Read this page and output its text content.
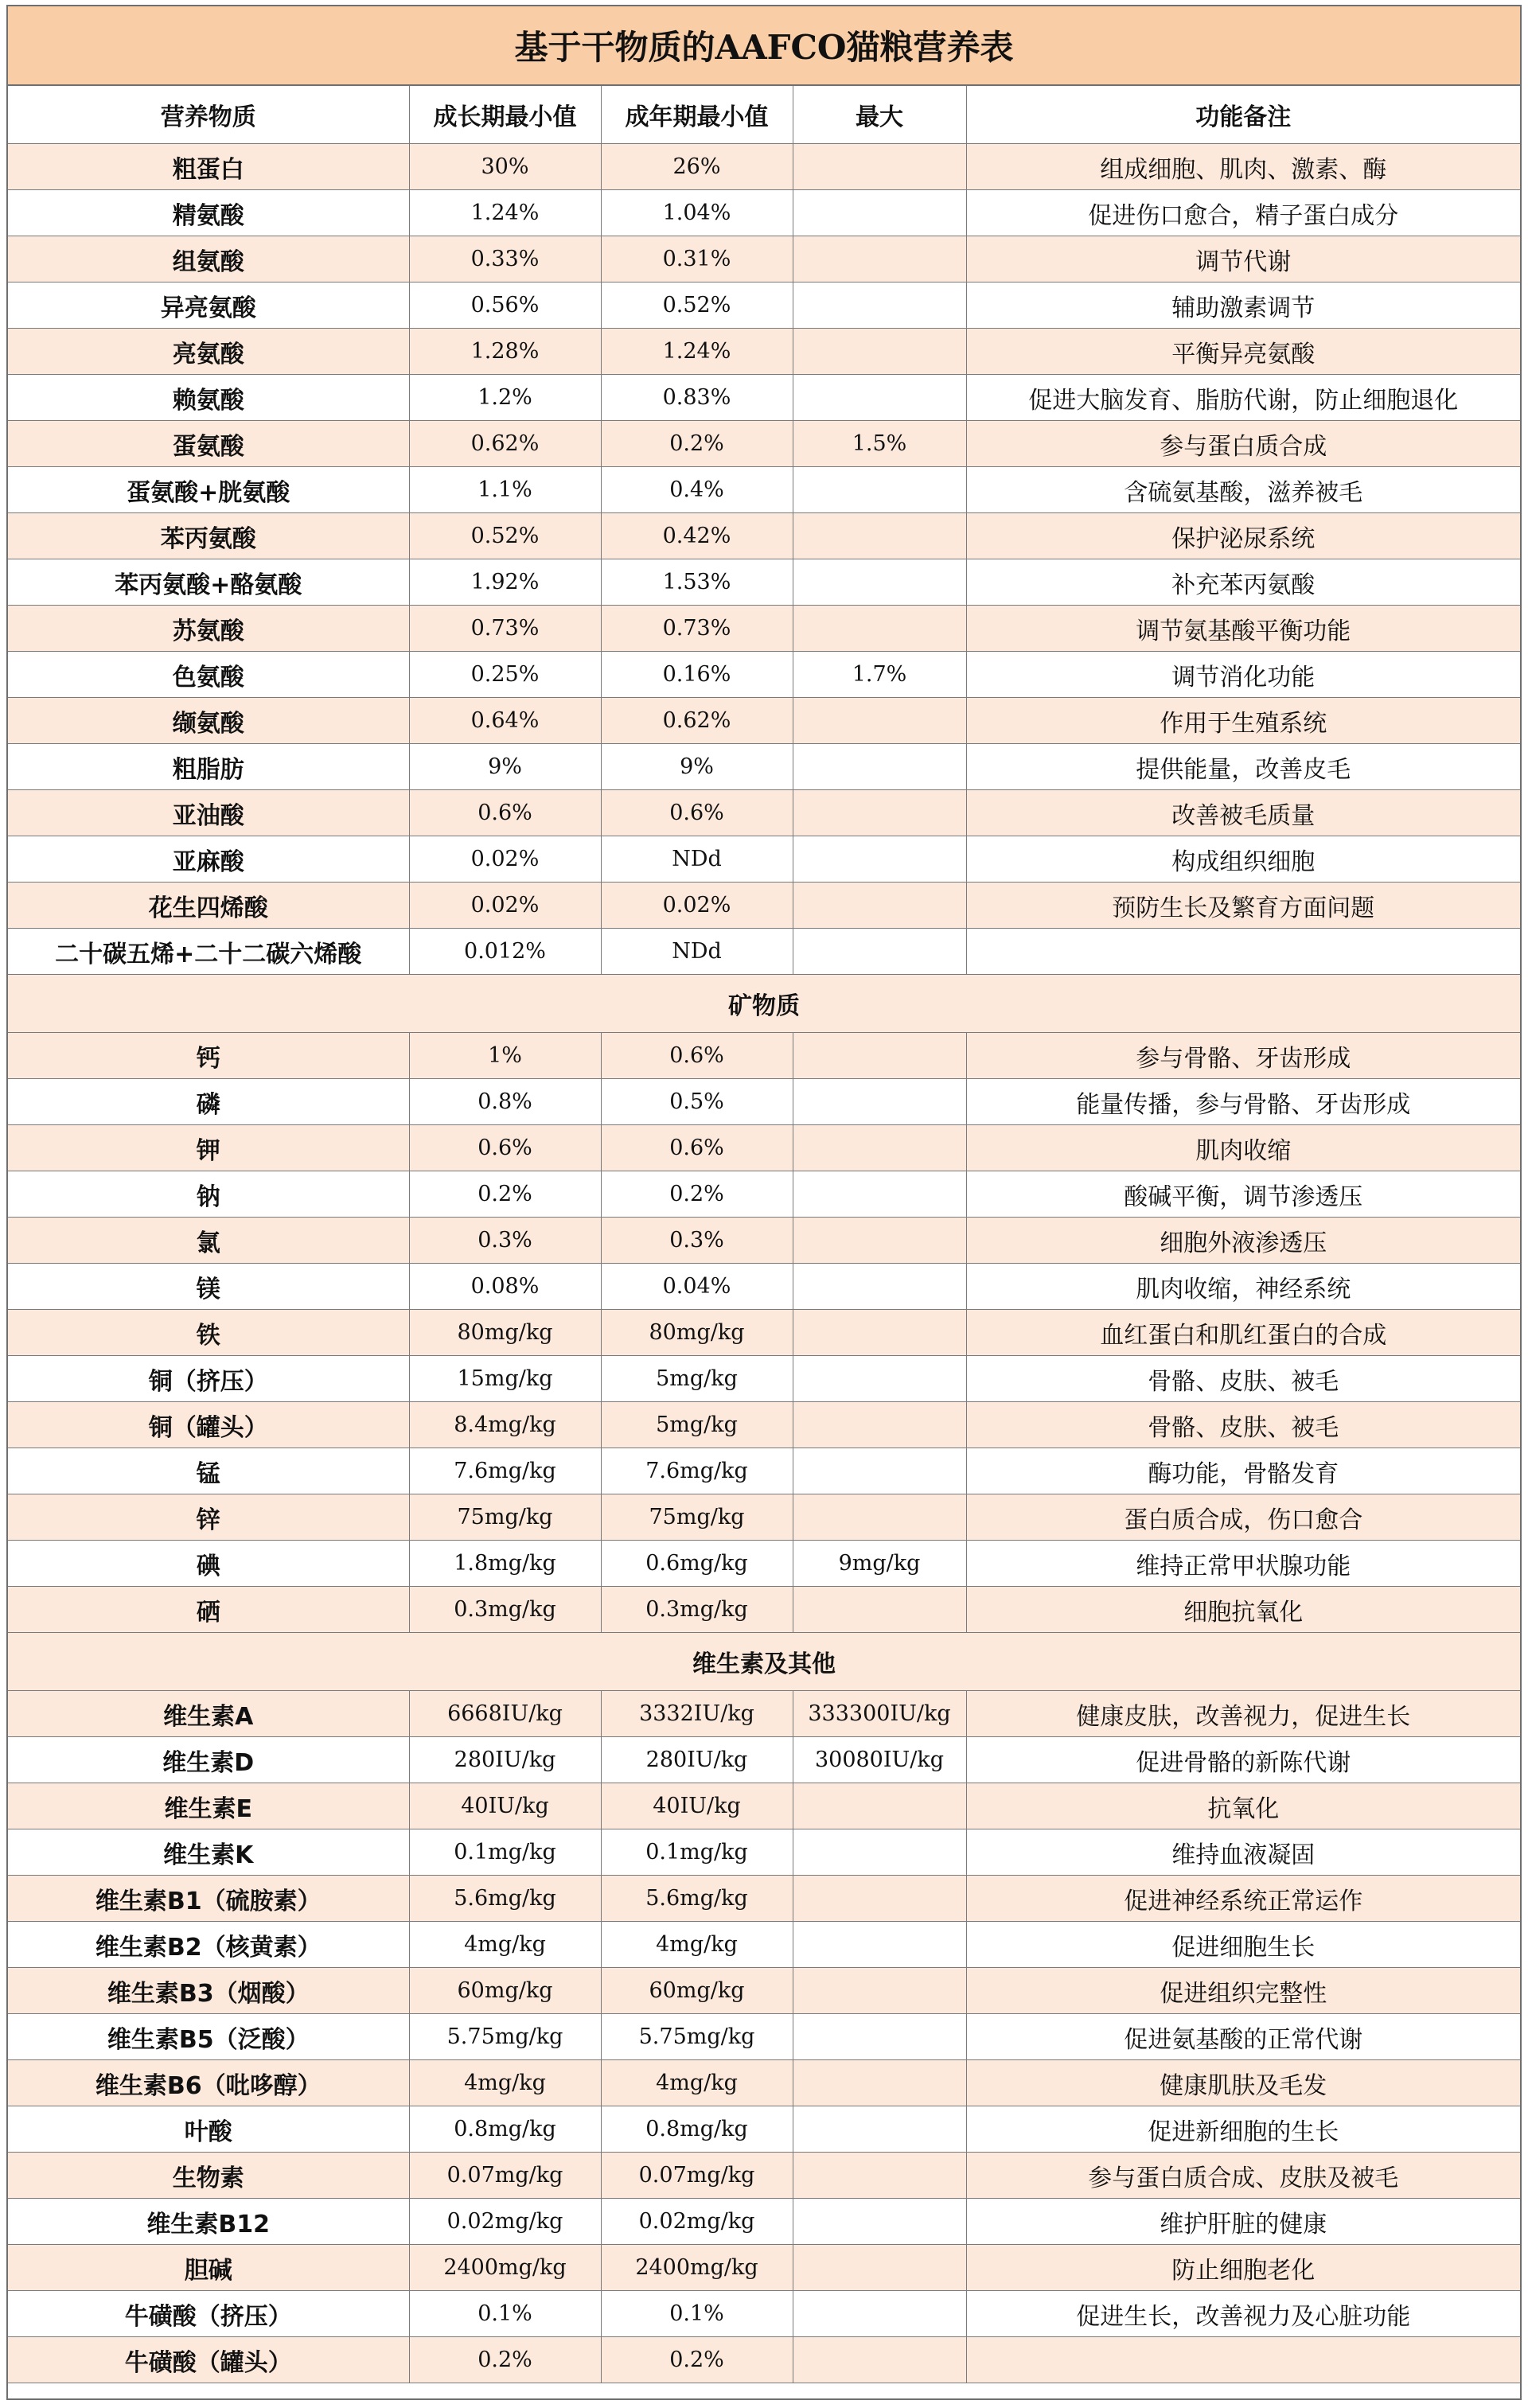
基于干物质的AAFCO猫粮营养表
营养物质	成长期最小值	成年期最小值	最大	功能备注
粗蛋白	30%	26%		组成细胞、肌肉、激素、酶
精氨酸	1.24%	1.04%		促进伤口愈合，精子蛋白成分
组氨酸	0.33%	0.31%		调节代谢
异亮氨酸	0.56%	0.52%		辅助激素调节
亮氨酸	1.28%	1.24%		平衡异亮氨酸
赖氨酸	1.2%	0.83%		促进大脑发育、脂肪代谢，防止细胞退化
蛋氨酸	0.62%	0.2%	1.5%	参与蛋白质合成
蛋氨酸+胱氨酸	1.1%	0.4%		含硫氨基酸，滋养被毛
苯丙氨酸	0.52%	0.42%		保护泌尿系统
苯丙氨酸+酪氨酸	1.92%	1.53%		补充苯丙氨酸
苏氨酸	0.73%	0.73%		调节氨基酸平衡功能
色氨酸	0.25%	0.16%	1.7%	调节消化功能
缬氨酸	0.64%	0.62%		作用于生殖系统
粗脂肪	9%	9%		提供能量，改善皮毛
亚油酸	0.6%	0.6%		改善被毛质量
亚麻酸	0.02%	NDd		构成组织细胞
花生四烯酸	0.02%	0.02%		预防生长及繁育方面问题
二十碳五烯+二十二碳六烯酸	0.012%	NDd		
矿物质				
钙	1%	0.6%		参与骨骼、牙齿形成
磷	0.8%	0.5%		能量传播，参与骨骼、牙齿形成
钾	0.6%	0.6%		肌肉收缩
钠	0.2%	0.2%		酸碱平衡，调节渗透压
氯	0.3%	0.3%		细胞外液渗透压
镁	0.08%	0.04%		肌肉收缩，神经系统
铁	80mg/kg	80mg/kg		血红蛋白和肌红蛋白的合成
铜（挤压）	15mg/kg	5mg/kg		骨骼、皮肤、被毛
铜（罐头）	8.4mg/kg	5mg/kg		骨骼、皮肤、被毛
锰	7.6mg/kg	7.6mg/kg		酶功能，骨骼发育
锌	75mg/kg	75mg/kg		蛋白质合成，伤口愈合
碘	1.8mg/kg	0.6mg/kg	9mg/kg	维持正常甲状腺功能
硒	0.3mg/kg	0.3mg/kg		细胞抗氧化
维生素及其他				
维生素A	6668IU/kg	3332IU/kg	333300IU/kg	健康皮肤，改善视力，促进生长
维生素D	280IU/kg	280IU/kg	30080IU/kg	促进骨骼的新陈代谢
维生素E	40IU/kg	40IU/kg		抗氧化
维生素K	0.1mg/kg	0.1mg/kg		维持血液凝固
维生素B1（硫胺素）	5.6mg/kg	5.6mg/kg		促进神经系统正常运作
维生素B2（核黄素）	4mg/kg	4mg/kg		促进细胞生长
维生素B3（烟酸）	60mg/kg	60mg/kg		促进组织完整性
维生素B5（泛酸）	5.75mg/kg	5.75mg/kg		促进氨基酸的正常代谢
维生素B6（吡哆醇）	4mg/kg	4mg/kg		健康肌肤及毛发
叶酸	0.8mg/kg	0.8mg/kg		促进新细胞的生长
生物素	0.07mg/kg	0.07mg/kg		参与蛋白质合成、皮肤及被毛
维生素B12	0.02mg/kg	0.02mg/kg		维护肝脏的健康
胆碱	2400mg/kg	2400mg/kg		防止细胞老化
牛磺酸（挤压）	0.1%	0.1%		促进生长，改善视力及心脏功能
牛磺酸（罐头）	0.2%	0.2%		
